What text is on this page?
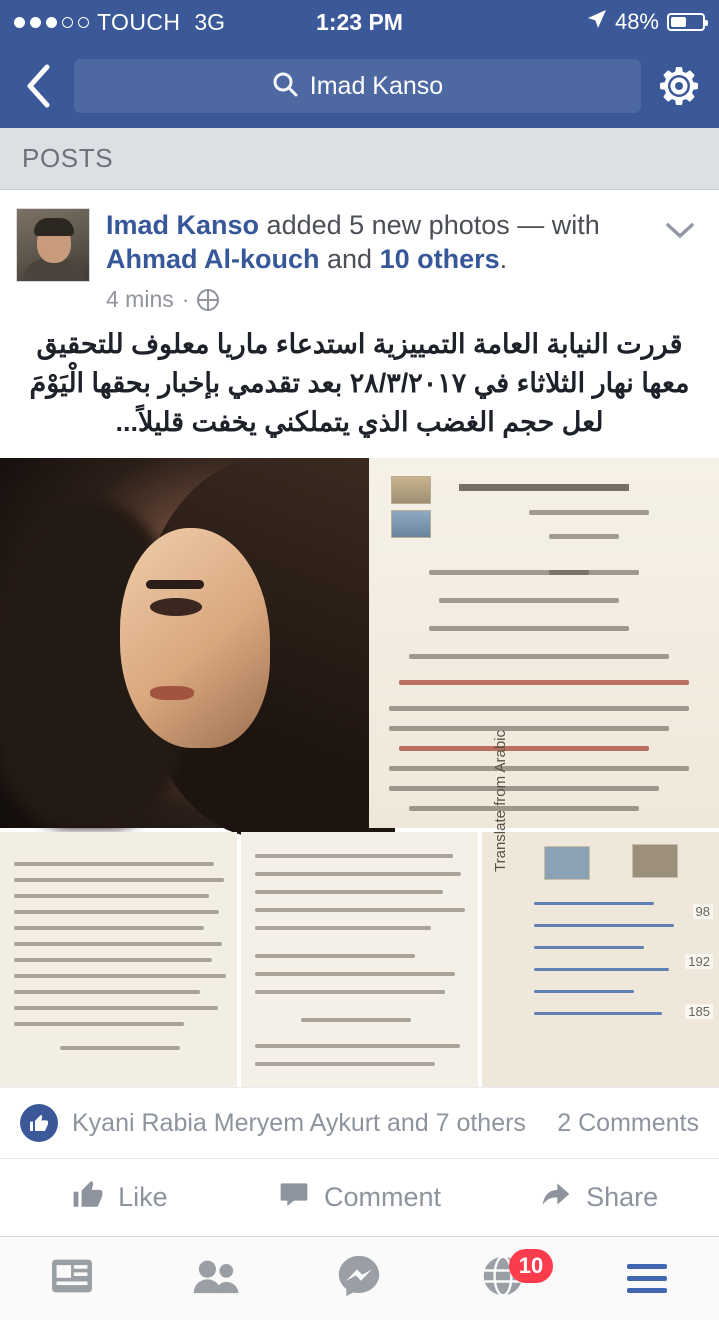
TOUCH 3G	1:23 PM	48%
Imad Kanso
POSTS
Imad Kanso added 5 new photos — with Ahmad Al-kouch and 10 others.
4 mins ·
قررت النيابة العامة التمييزية استدعاء ماريا معلوف للتحقيق معها نهار الثلاثاء في ٢٨/٣/٢٠١٧ بعد تقدمي بإخبار بحقها الْيَوْمَ لعل حجم الغضب الذي يتملكني يخفت قليلاً...
Translate from Arabic
98
192
185
Kyani Rabia Meryem Aykurt and 7 others	2 Comments
Like	Comment	Share
10
